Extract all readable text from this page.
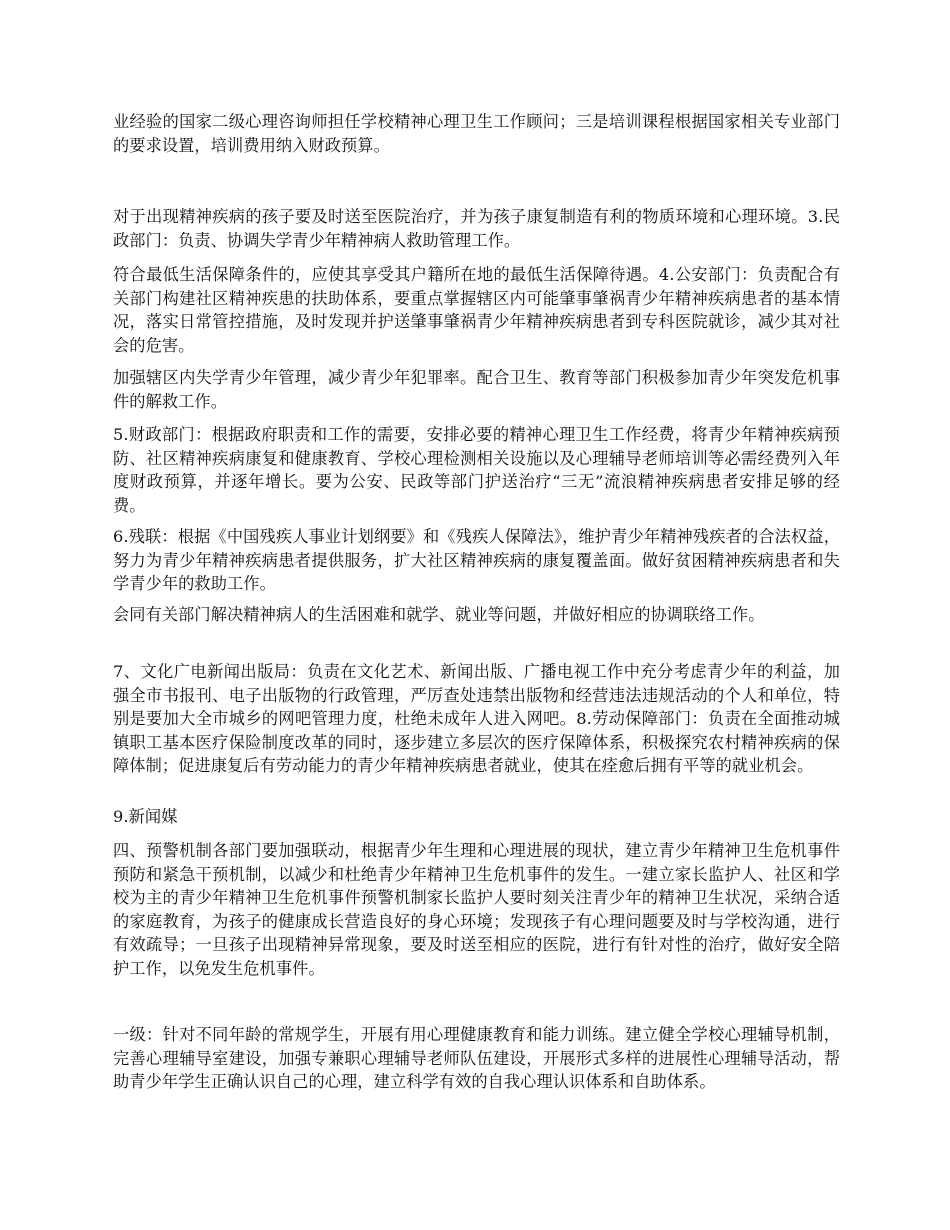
业经验的国家二级心理咨询师担任学校精神心理卫生工作顾问；三是培训课程根据国家相关专业部门的要求设置，培训费用纳入财政预算。

对于出现精神疾病的孩子要及时送至医院治疗，并为孩子康复制造有利的物质环境和心理环境。3.民政部门：负责、协调失学青少年精神病人救助管理工作。

符合最低生活保障条件的，应使其享受其户籍所在地的最低生活保障待遇。4.公安部门：负责配合有关部门构建社区精神疾患的扶助体系，要重点掌握辖区内可能肇事肇祸青少年精神疾病患者的基本情况，落实日常管控措施，及时发现并护送肇事肇祸青少年精神疾病患者到专科医院就诊，减少其对社会的危害。

加强辖区内失学青少年管理，减少青少年犯罪率。配合卫生、教育等部门积极参加青少年突发危机事件的解救工作。

5.财政部门：根据政府职责和工作的需要，安排必要的精神心理卫生工作经费，将青少年精神疾病预防、社区精神疾病康复和健康教育、学校心理检测相关设施以及心理辅导老师培训等必需经费列入年度财政预算，并逐年增长。要为公安、民政等部门护送治疗“三无”流浪精神疾病患者安排足够的经费。

6.残联：根据《中国残疾人事业计划纲要》和《残疾人保障法》，维护青少年精神残疾者的合法权益，努力为青少年精神疾病患者提供服务，扩大社区精神疾病的康复覆盖面。做好贫困精神疾病患者和失学青少年的救助工作。

会同有关部门解决精神病人的生活困难和就学、就业等问题，并做好相应的协调联络工作。

7、文化广电新闻出版局：负责在文化艺术、新闻出版、广播电视工作中充分考虑青少年的利益，加强全市书报刊、电子出版物的行政管理，严厉查处违禁出版物和经营违法违规活动的个人和单位，特别是要加大全市城乡的网吧管理力度，杜绝未成年人进入网吧。8.劳动保障部门：负责在全面推动城镇职工基本医疗保险制度改革的同时，逐步建立多层次的医疗保障体系，积极探究农村精神疾病的保障体制；促进康复后有劳动能力的青少年精神疾病患者就业，使其在痊愈后拥有平等的就业机会。

9.新闻媒

四、预警机制各部门要加强联动，根据青少年生理和心理进展的现状，建立青少年精神卫生危机事件预防和紧急干预机制，以减少和杜绝青少年精神卫生危机事件的发生。一建立家长监护人、社区和学校为主的青少年精神卫生危机事件预警机制家长监护人要时刻关注青少年的精神卫生状况，采纳合适的家庭教育，为孩子的健康成长营造良好的身心环境；发现孩子有心理问题要及时与学校沟通，进行有效疏导；一旦孩子出现精神异常现象，要及时送至相应的医院，进行有针对性的治疗，做好安全陪护工作，以免发生危机事件。

一级：针对不同年龄的常规学生，开展有用心理健康教育和能力训练。建立健全学校心理辅导机制，完善心理辅导室建设，加强专兼职心理辅导老师队伍建设，开展形式多样的进展性心理辅导活动，帮助青少年学生正确认识自己的心理，建立科学有效的自我心理认识体系和自助体系。
